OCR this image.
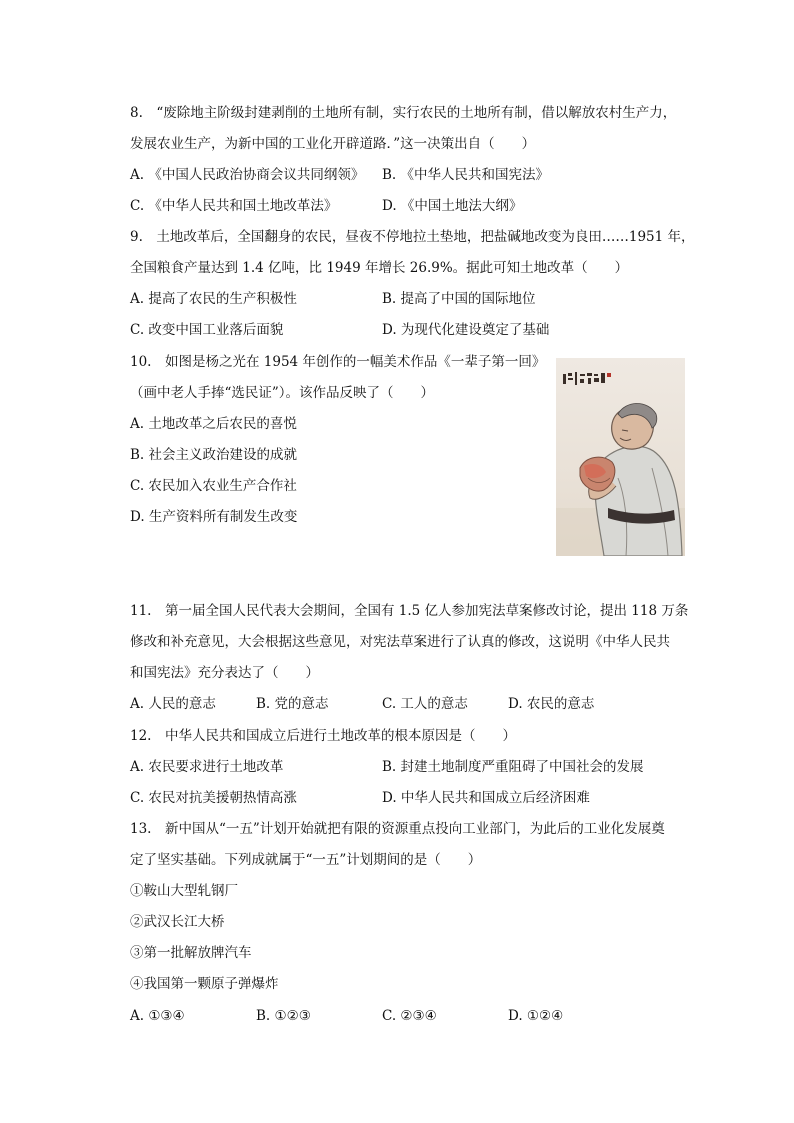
8.　“废除地主阶级封建剥削的土地所有制，实行农民的土地所有制，借以解放农村生产力，
发展农业生产，为新中国的工业化开辟道路．”这一决策出自（　　）
A. 《中国人民政治协商会议共同纲领》 B. 《中华人民共和国宪法》
C. 《中华人民共和国土地改革法》	D. 《中国土地法大纲》
9.　土地改革后，全国翻身的农民，昼夜不停地拉土垫地，把盐碱地改变为良田……1951 年，
全国粮食产量达到 1.4 亿吨，比 1949 年增长 26.9%。据此可知土地改革（　　）
A. 提高了农民的生产积极性	B. 提高了中国的国际地位
C. 改变中国工业落后面貌	D. 为现代化建设奠定了基础
10.　如图是杨之光在 1954 年创作的一幅美术作品《一辈子第一回》
（画中老人手捧“选民证”）。该作品反映了（　　）
A. 土地改革之后农民的喜悦
B. 社会主义政治建设的成就
C. 农民加入农业生产合作社
D. 生产资料所有制发生改变
11.　第一届全国人民代表大会期间，全国有 1.5 亿人参加宪法草案修改讨论，提出 118 万条
修改和补充意见，大会根据这些意见，对宪法草案进行了认真的修改，这说明《中华人民共
和国宪法》充分表达了（　　）
A. 人民的意志	B. 党的意志	C. 工人的意志	D. 农民的意志
12.　中华人民共和国成立后进行土地改革的根本原因是（　　）
A. 农民要求进行土地改革	B. 封建土地制度严重阻碍了中国社会的发展
C. 农民对抗美援朝热情高涨	D. 中华人民共和国成立后经济困难
13.　新中国从“一五”计划开始就把有限的资源重点投向工业部门，为此后的工业化发展奠
定了坚实基础。下列成就属于“一五”计划期间的是（　　）
①鞍山大型轧钢厂
②武汉长江大桥
③第一批解放牌汽车
④我国第一颗原子弹爆炸
A. ①③④	B. ①②③	C. ②③④	D. ①②④
